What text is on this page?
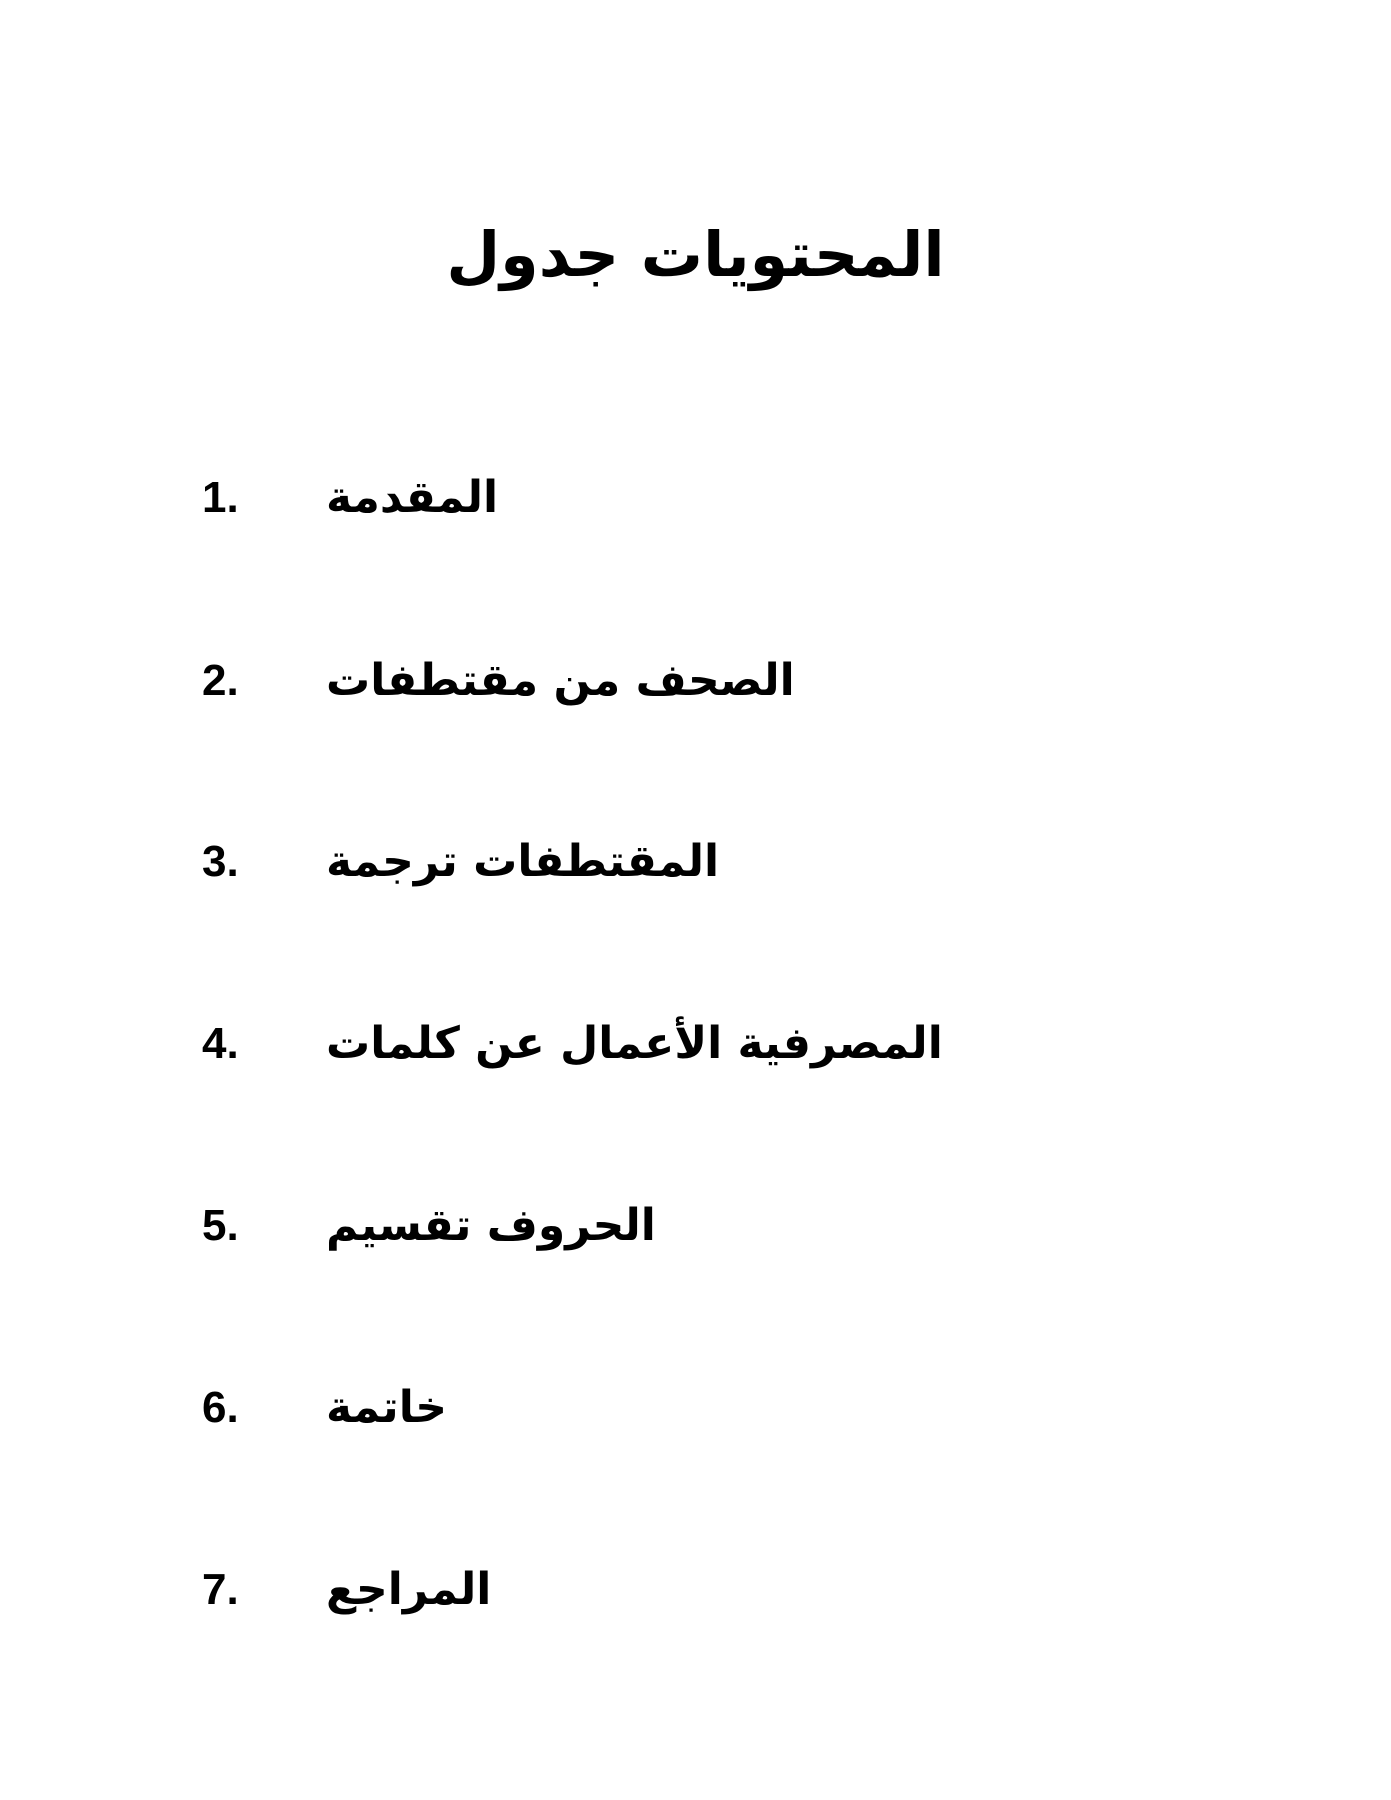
المحتويات جدول
1. المقدمة
2. الصحف من مقتطفات
3. المقتطفات ترجمة
4. المصرفية الأعمال عن كلمات
5. الحروف تقسيم
6. خاتمة
7. المراجع
